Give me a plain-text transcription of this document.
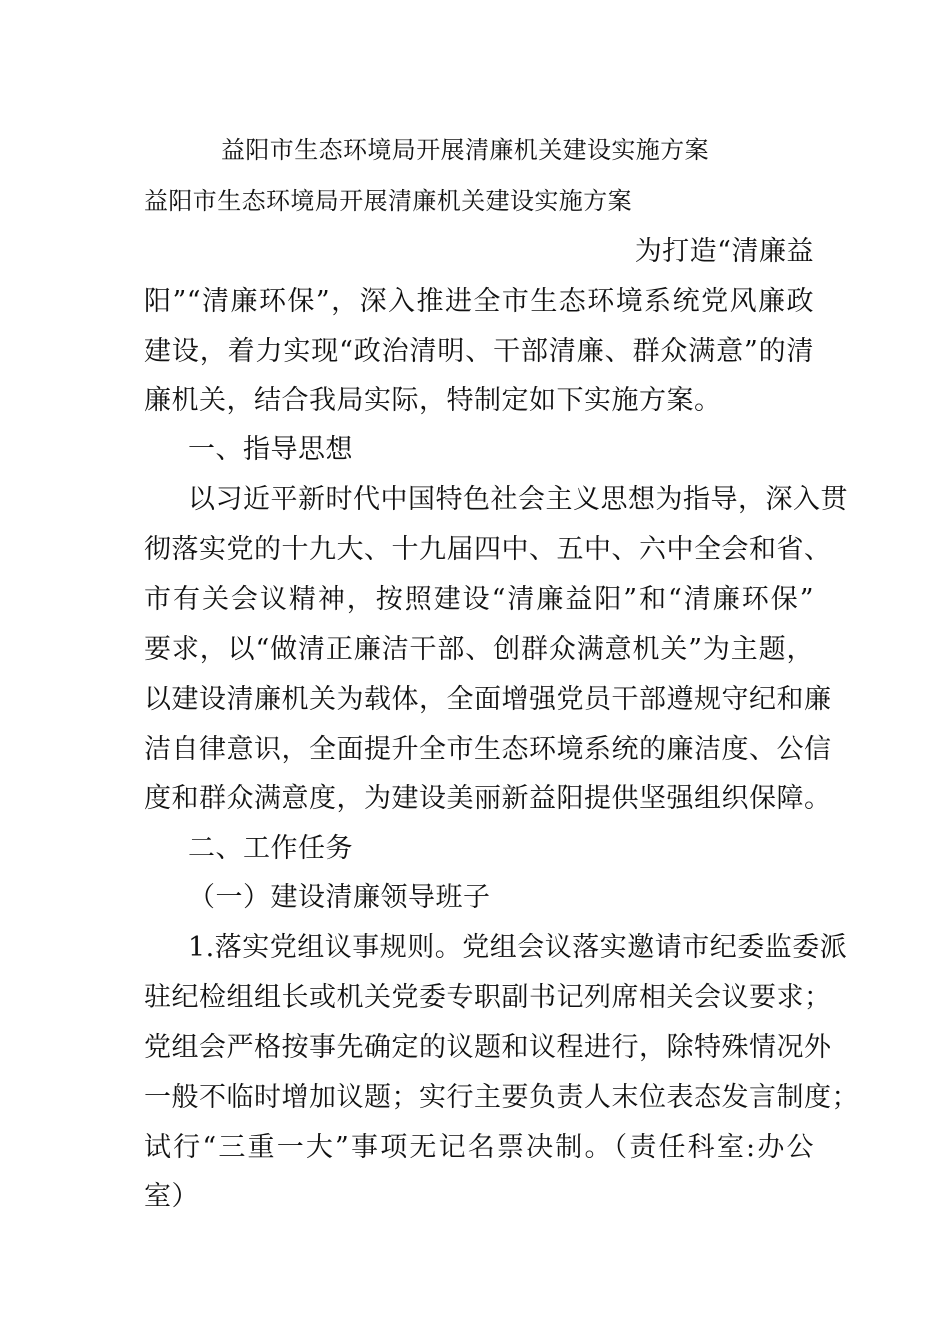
益阳市生态环境局开展清廉机关建设实施方案
益阳市生态环境局开展清廉机关建设实施方案
为打造“清廉益
阳”“清廉环保”，深入推进全市生态环境系统党风廉政
建设，着力实现“政治清明、干部清廉、群众满意”的清
廉机关，结合我局实际，特制定如下实施方案。
一、指导思想
以习近平新时代中国特色社会主义思想为指导，深入贯
彻落实党的十九大、十九届四中、五中、六中全会和省、
市有关会议精神，按照建设“清廉益阳”和“清廉环保”
要求，以“做清正廉洁干部、创群众满意机关”为主题，
以建设清廉机关为载体，全面增强党员干部遵规守纪和廉
洁自律意识，全面提升全市生态环境系统的廉洁度、公信
度和群众满意度，为建设美丽新益阳提供坚强组织保障。
二、工作任务
（一）建设清廉领导班子
1.落实党组议事规则。党组会议落实邀请市纪委监委派
驻纪检组组长或机关党委专职副书记列席相关会议要求；
党组会严格按事先确定的议题和议程进行，除特殊情况外
一般不临时增加议题；实行主要负责人末位表态发言制度；
试行“三重一大”事项无记名票决制。（责任科室:办公
室）
